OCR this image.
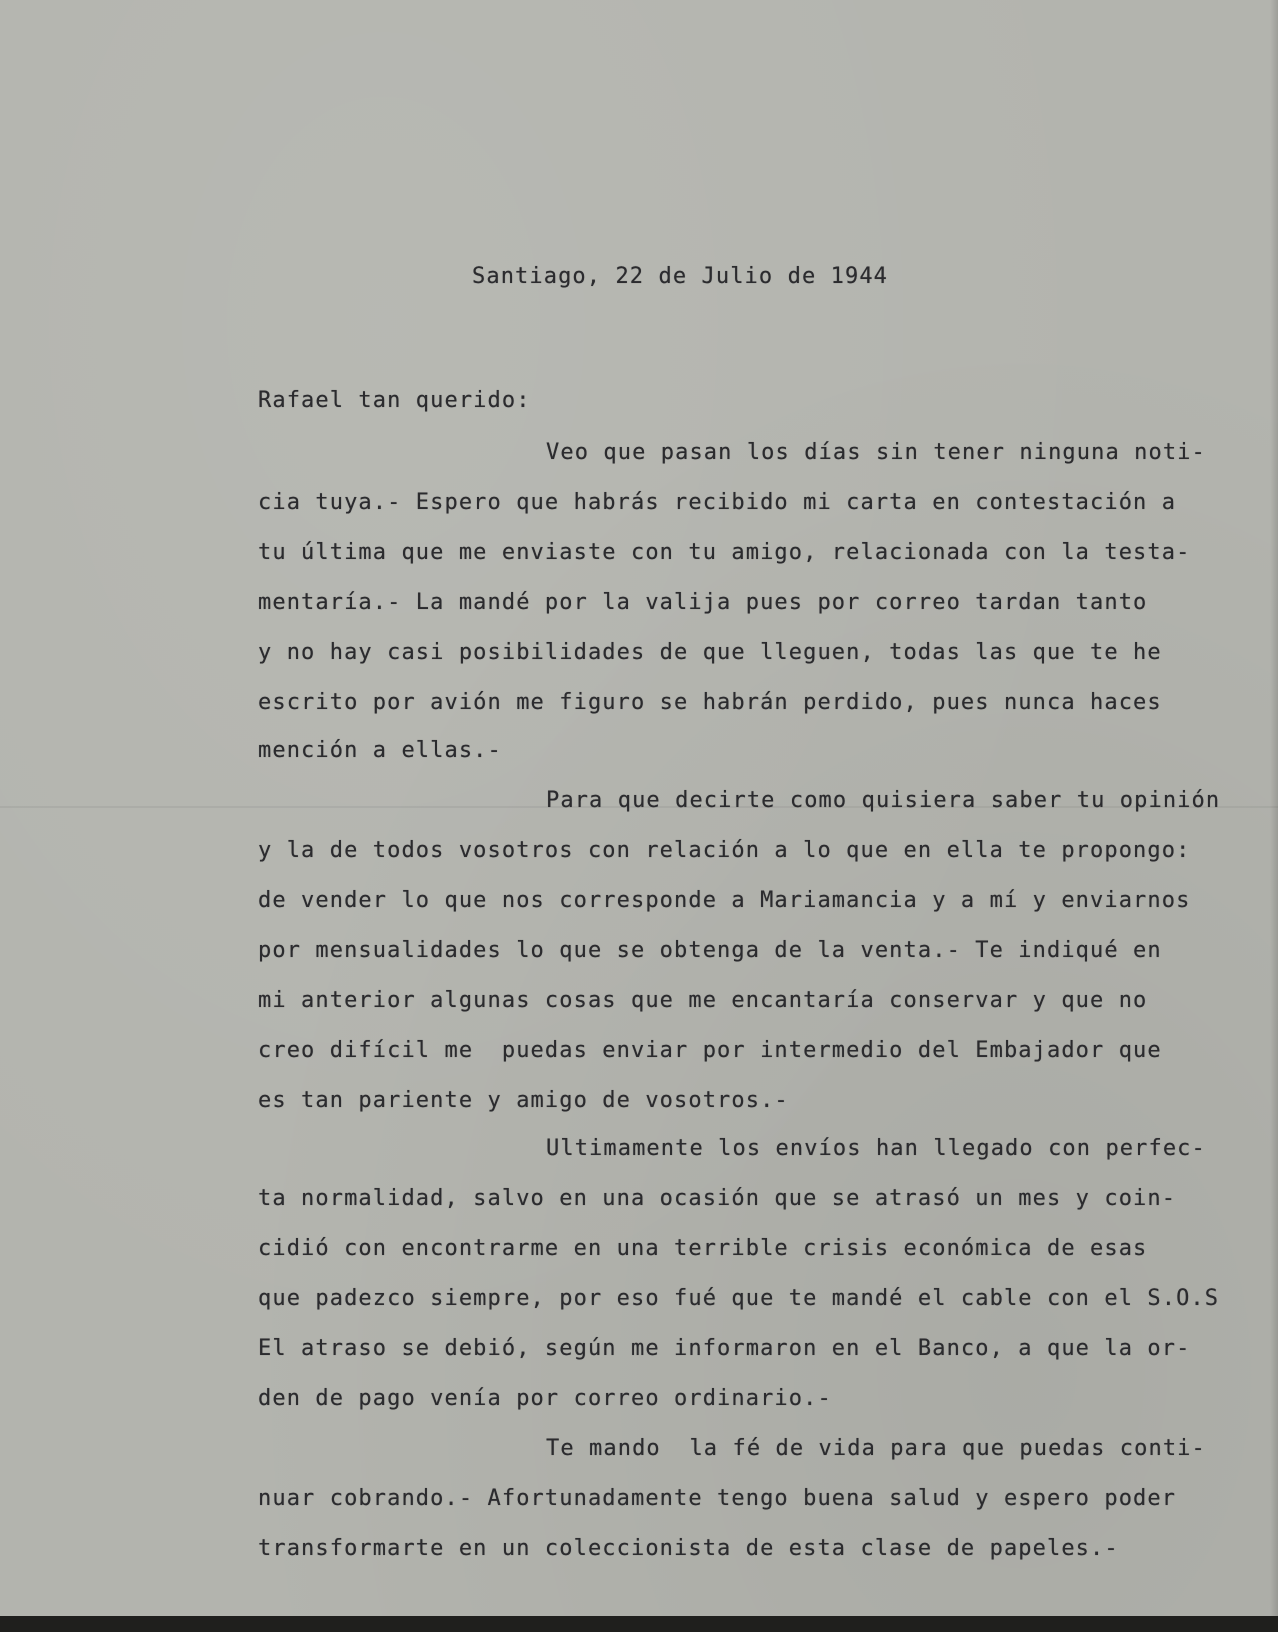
Santiago, 22 de Julio de 1944

Rafael tan querido:

Veo que pasan los días sin tener ninguna noti-

cia tuya.- Espero que habrás recibido mi carta en contestación a

tu última que me enviaste con tu amigo, relacionada con la testa-

mentaría.- La mandé por la valija pues por correo tardan tanto

y no hay casi posibilidades de que lleguen, todas las que te he

escrito por avión me figuro se habrán perdido, pues nunca haces

mención a ellas.-

Para que decirte como quisiera saber tu opinión

y la de todos vosotros con relación a lo que en ella te propongo:

de vender lo que nos corresponde a Mariamancia y a mí y enviarnos

por mensualidades lo que se obtenga de la venta.- Te indiqué en

mi anterior algunas cosas que me encantaría conservar y que no

creo difícil me  puedas enviar por intermedio del Embajador que

es tan pariente y amigo de vosotros.-

Ultimamente los envíos han llegado con perfec-

ta normalidad, salvo en una ocasión que se atrasó un mes y coin-

cidió con encontrarme en una terrible crisis económica de esas

que padezco siempre, por eso fué que te mandé el cable con el S.O.S

El atraso se debió, según me informaron en el Banco, a que la or-

den de pago venía por correo ordinario.-

Te mando  la fé de vida para que puedas conti-

nuar cobrando.- Afortunadamente tengo buena salud y espero poder

transformarte en un coleccionista de esta clase de papeles.-
